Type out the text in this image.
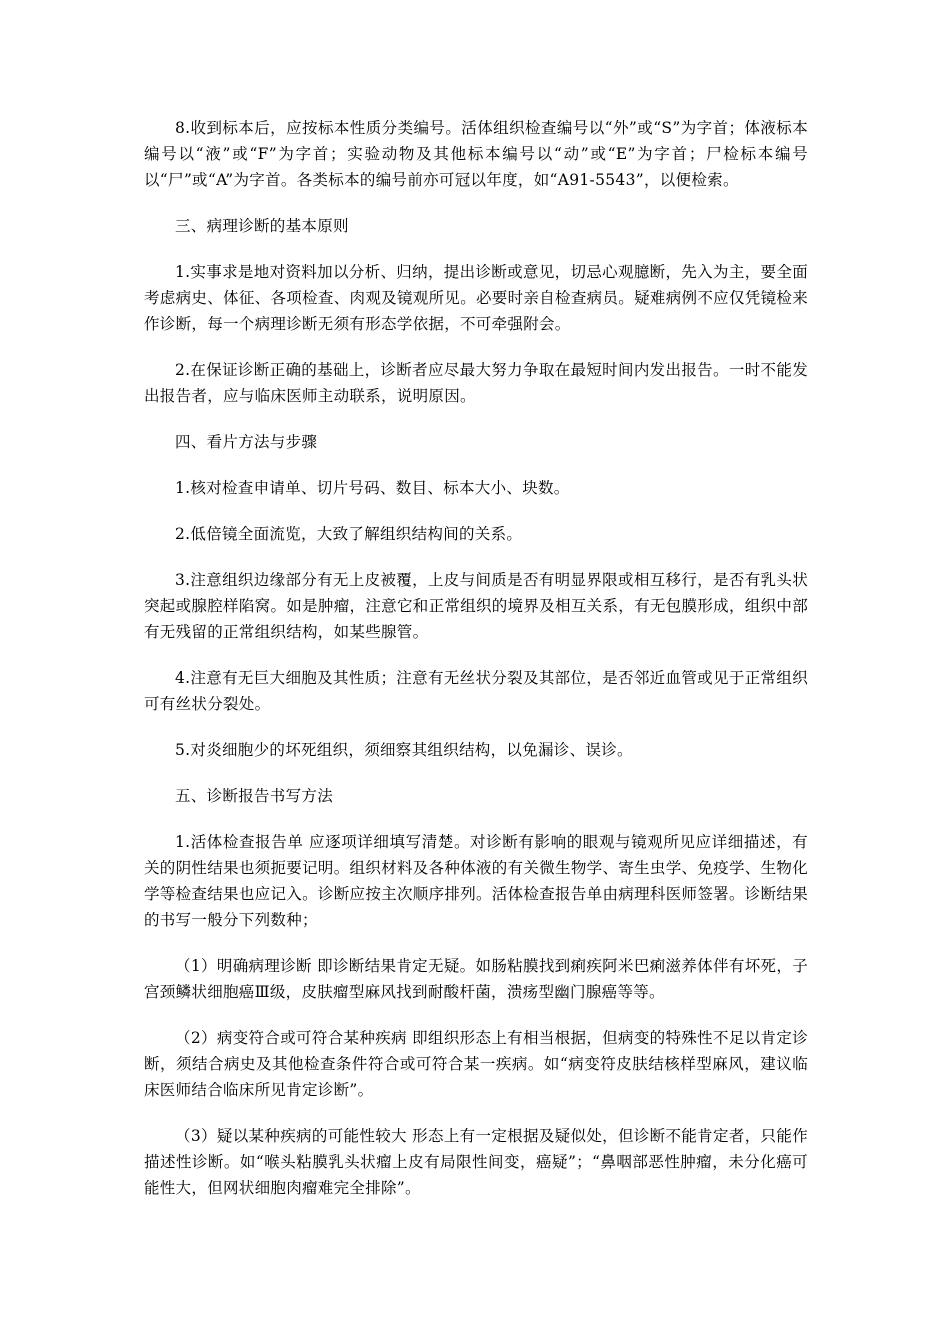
8.收到标本后，应按标本性质分类编号。活体组织检查编号以“外”或“S”为字首；体液标本编号以“液”或“F”为字首；实验动物及其他标本编号以“动”或“E”为字首；尸检标本编号以“尸”或“A”为字首。各类标本的编号前亦可冠以年度，如“A91-5543”，以便检索。

三、病理诊断的基本原则

1.实事求是地对资料加以分析、归纳，提出诊断或意见，切忌心观臆断，先入为主，要全面考虑病史、体征、各项检查、肉观及镜观所见。必要时亲自检查病员。疑难病例不应仅凭镜检来作诊断，每一个病理诊断无须有形态学依据，不可牵强附会。

2.在保证诊断正确的基础上，诊断者应尽最大努力争取在最短时间内发出报告。一时不能发出报告者，应与临床医师主动联系，说明原因。

四、看片方法与步骤

1.核对检查申请单、切片号码、数目、标本大小、块数。

2.低倍镜全面流览，大致了解组织结构间的关系。

3.注意组织边缘部分有无上皮被覆，上皮与间质是否有明显界限或相互移行，是否有乳头状突起或腺腔样陷窝。如是肿瘤，注意它和正常组织的境界及相互关系，有无包膜形成，组织中部有无残留的正常组织结构，如某些腺管。

4.注意有无巨大细胞及其性质；注意有无丝状分裂及其部位，是否邻近血管或见于正常组织可有丝状分裂处。

5.对炎细胞少的坏死组织，须细察其组织结构，以免漏诊、误诊。

五、诊断报告书写方法

1.活体检查报告单 应逐项详细填写清楚。对诊断有影响的眼观与镜观所见应详细描述，有关的阴性结果也须扼要记明。组织材料及各种体液的有关微生物学、寄生虫学、免疫学、生物化学等检查结果也应记入。诊断应按主次顺序排列。活体检查报告单由病理科医师签署。诊断结果的书写一般分下列数种；

（1）明确病理诊断 即诊断结果肯定无疑。如肠粘膜找到痢疾阿米巴痢滋养体伴有坏死，子宫颈鳞状细胞癌Ⅲ级，皮肤瘤型麻风找到耐酸杆菌，溃疡型幽门腺癌等等。

（2）病变符合或可符合某种疾病 即组织形态上有相当根据，但病变的特殊性不足以肯定诊断，须结合病史及其他检查条件符合或可符合某一疾病。如“病变符皮肤结核样型麻风，建议临床医师结合临床所见肯定诊断”。

（3）疑以某种疾病的可能性较大 形态上有一定根据及疑似处，但诊断不能肯定者，只能作描述性诊断。如“喉头粘膜乳头状瘤上皮有局限性间变，癌疑”；“鼻咽部恶性肿瘤，未分化癌可能性大，但网状细胞肉瘤难完全排除”。
